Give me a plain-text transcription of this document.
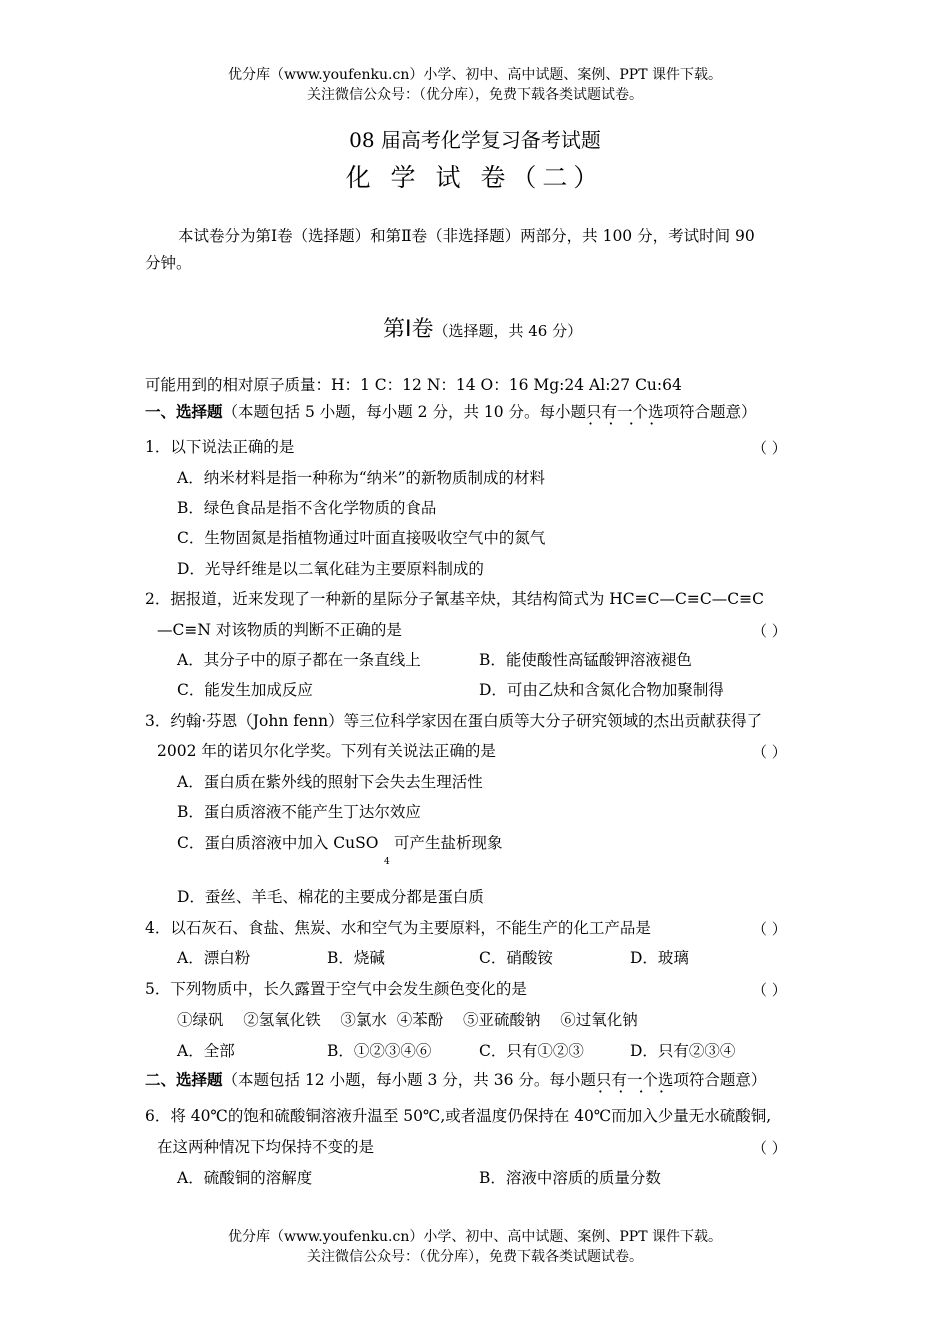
优分库（www.youfenku.cn）小学、初中、高中试题、案例、PPT 课件下载。
关注微信公众号：（优分库），免费下载各类试题试卷。
08 届高考化学复习备考试题
化 学 试 卷（二）
本试卷分为第Ⅰ卷（选择题）和第Ⅱ卷（非选择题）两部分，共 100 分，考试时间 90
分钟。
第Ⅰ卷（选择题，共 46 分）
可能用到的相对原子质量：H：1 C：12 N：14 O：16 Mg:24 Al:27 Cu:64
一、选择题（本题包括 5 小题，每小题 2 分，共 10 分。每小题只有一个 · ·选项符合题意）
1．以下说法正确的是	（ ）
A．纳米材料是指一种称为“纳米”的新物质制成的材料
B．绿色食品是指不含化学物质的食品
C．生物固氮是指植物通过叶面直接吸收空气中的氮气
D．光导纤维是以二氧化硅为主要原料制成的
2．据报道，近来发现了一种新的星际分子氰基辛炔，其结构简式为 HC≡C—C≡C—C≡C
—C≡N 对该物质的判断不正确的是	（ ）
A．其分子中的原子都在一条直线上	B．能使酸性高锰酸钾溶液褪色
C．能发生加成反应	D．可由乙炔和含氮化合物加聚制得
3．约翰·芬恩（John fenn）等三位科学家因在蛋白质等大分子研究领域的杰出贡献获得了
2002 年的诺贝尔化学奖。下列有关说法正确的是	（ ）
A．蛋白质在紫外线的照射下会失去生理活性
B．蛋白质溶液不能产生丁达尔效应
C．蛋白质溶液中加入 CuSO
4
可产生盐析现象
D．蚕丝、羊毛、棉花的主要成分都是蛋白质
4．以石灰石、食盐、焦炭、水和空气为主要原料，不能生产的化工产品是	（ ）
A．漂白粉	B．烧碱	C．硝酸铵	D．玻璃
5．下列物质中，长久露置于空气中会发生颜色变化的是	（ ）
①绿矾    ②氢氧化铁    ③氯水  ④苯酚    ⑤亚硫酸钠    ⑥过氧化钠
A．全部	B．①②③④⑥	C．只有①②③	D．只有②③④
二、选择题（本题包括 12 小题，每小题 3 分，共 36 分。每小题只有一个 · ·选项符合题意）
6．将 40℃的饱和硫酸铜溶液升温至 50℃,或者温度仍保持在 40℃而加入少量无水硫酸铜,
在这两种情况下均保持不变的是	（ ）
A．硫酸铜的溶解度	B．溶液中溶质的质量分数
优分库（www.youfenku.cn）小学、初中、高中试题、案例、PPT 课件下载。
关注微信公众号：（优分库），免费下载各类试题试卷。
